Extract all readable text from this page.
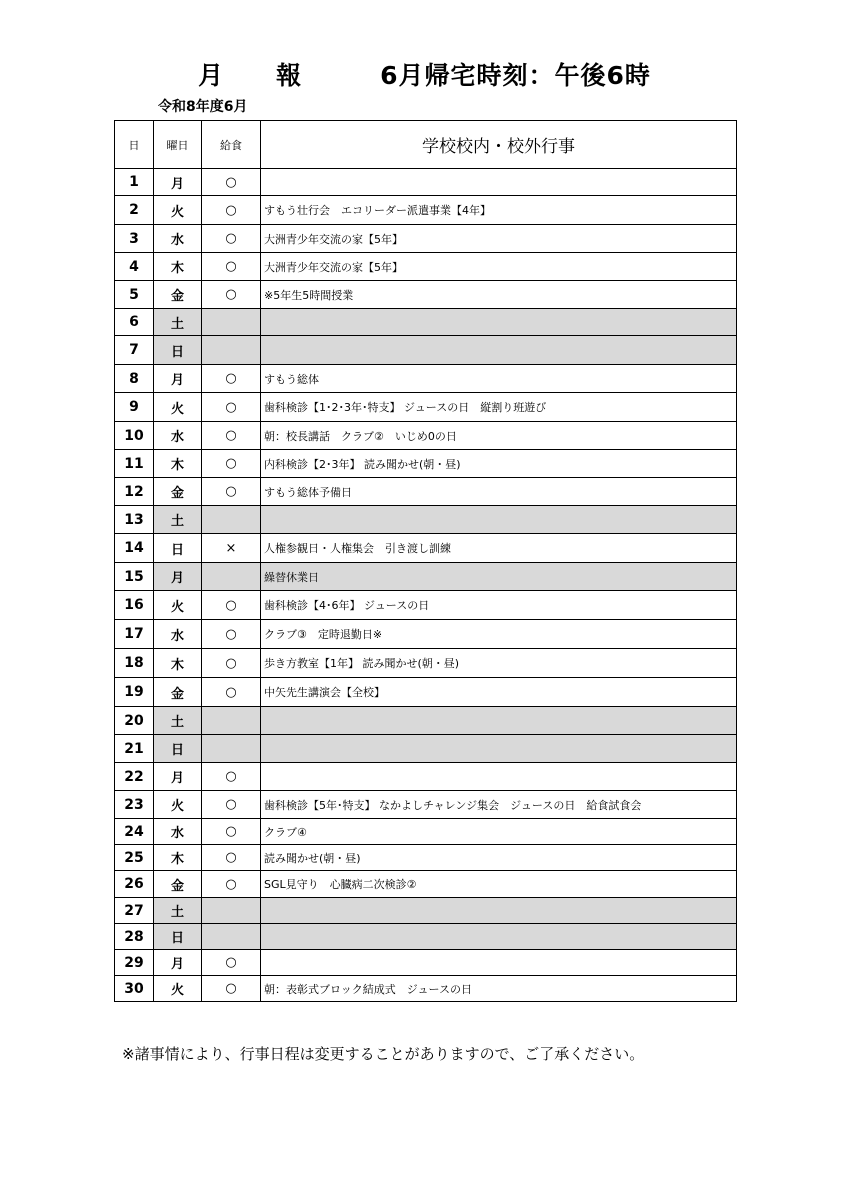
月　　報　　　6月帰宅時刻：午後6時
令和8年度6月
日	曜日	給食	学校校内・校外行事
1	月	○	
2	火	○	すもう壮行会　エコリーダー派遣事業【4年】
3	水	○	大洲青少年交流の家【5年】
4	木	○	大洲青少年交流の家【5年】
5	金	○	※5年生5時間授業
6	土		
7	日		
8	月	○	すもう総体
9	火	○	歯科検診【1･2･3年･特支】 ジュースの日　縦割り班遊び
10	水	○	朝：校長講話　クラブ②　いじめ0の日
11	木	○	内科検診【2･3年】 読み聞かせ(朝・昼)
12	金	○	すもう総体予備日
13	土		
14	日	×	人権参観日・人権集会　引き渡し訓練
15	月		繰替休業日
16	火	○	歯科検診【4･6年】 ジュースの日
17	水	○	クラブ③　定時退勤日※
18	木	○	歩き方教室【1年】 読み聞かせ(朝・昼)
19	金	○	中矢先生講演会【全校】
20	土		
21	日		
22	月	○	
23	火	○	歯科検診【5年･特支】 なかよしチャレンジ集会　ジュースの日　給食試食会
24	水	○	クラブ④
25	木	○	読み聞かせ(朝・昼)
26	金	○	SGL見守り　心臓病二次検診②
27	土		
28	日		
29	月	○	
30	火	○	朝：表彰式ブロック結成式　ジュースの日
※諸事情により、行事日程は変更することがありますので、ご了承ください。
